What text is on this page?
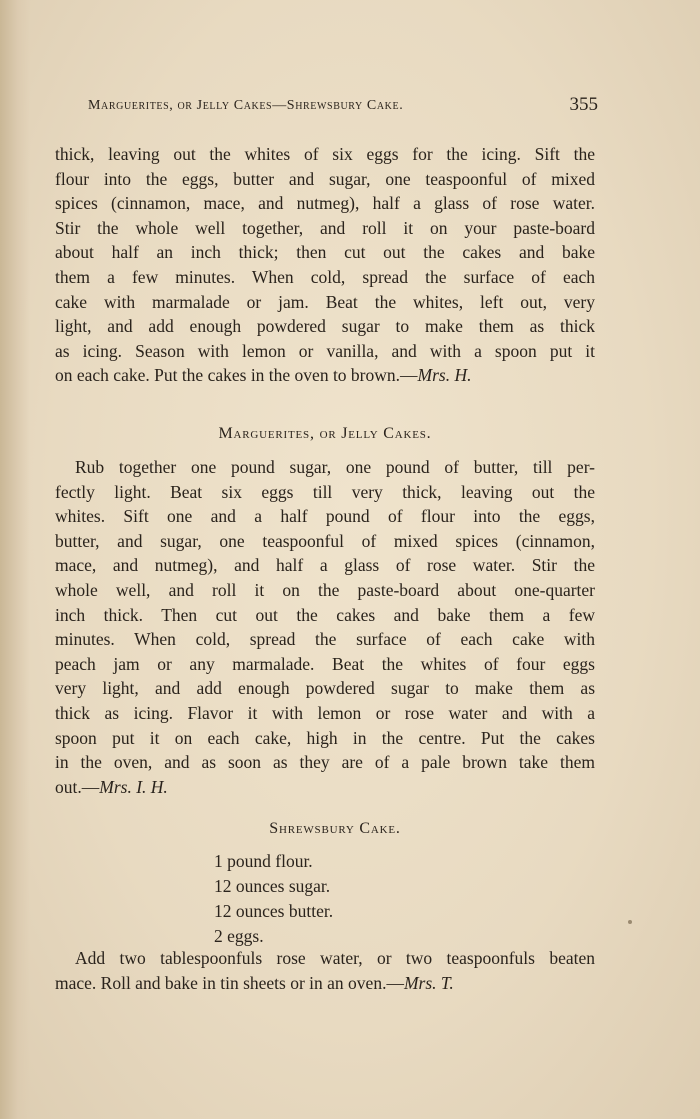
Marguerites, or Jelly Cakes—Shrewsbury Cake.	355
thick, leaving out the whites of six eggs for the icing. Sift the
flour into the eggs, butter and sugar, one teaspoonful of mixed
spices (cinnamon, mace, and nutmeg), half a glass of rose water.
Stir the whole well together, and roll it on your paste-board
about half an inch thick; then cut out the cakes and bake
them a few minutes. When cold, spread the surface of each
cake with marmalade or jam. Beat the whites, left out, very
light, and add enough powdered sugar to make them as thick
as icing. Season with lemon or vanilla, and with a spoon put it
on each cake. Put the cakes in the oven to brown.—Mrs. H.
Marguerites, or Jelly Cakes.
Rub together one pound sugar, one pound of butter, till per-
fectly light. Beat six eggs till very thick, leaving out the
whites. Sift one and a half pound of flour into the eggs,
butter, and sugar, one teaspoonful of mixed spices (cinnamon,
mace, and nutmeg), and half a glass of rose water. Stir the
whole well, and roll it on the paste-board about one-quarter
inch thick. Then cut out the cakes and bake them a few
minutes. When cold, spread the surface of each cake with
peach jam or any marmalade. Beat the whites of four eggs
very light, and add enough powdered sugar to make them as
thick as icing. Flavor it with lemon or rose water and with a
spoon put it on each cake, high in the centre. Put the cakes
in the oven, and as soon as they are of a pale brown take them
out.—Mrs. I. H.
Shrewsbury Cake.
1 pound flour.
12 ounces sugar.
12 ounces butter.
2 eggs.
Add two tablespoonfuls rose water, or two teaspoonfuls beaten
mace. Roll and bake in tin sheets or in an oven.—Mrs. T.
